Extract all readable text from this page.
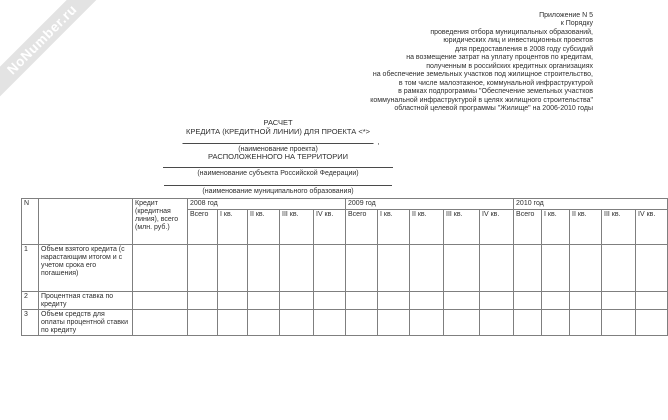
NoNumber.ru	Приложение N 5
к Порядку
проведения отбора муниципальных образований,
юридических лиц и инвестиционных проектов
для предоставления в 2008 году субсидий
на возмещение затрат на уплату процентов по кредитам,
полученным в российских кредитных организациях
на обеспечение земельных участков под жилищное строительство,
в том числе малоэтажное, коммунальной инфраструктурой
в рамках подпрограммы "Обеспечение земельных участков
коммунальной инфраструктурой в целях жилищного строительства"
областной целевой программы "Жилище" на 2006-2010 годы
РАСЧЕТ
КРЕДИТА (КРЕДИТНОЙ ЛИНИИ) ДЛЯ ПРОЕКТА <*>
,
(наименование проекта)
РАСПОЛОЖЕННОГО НА ТЕРРИТОРИИ
(наименование субъекта Российской Федерации)
(наименование муниципального образования)
N		Кредит (кредитная линия), всего (млн. руб.)	2008 год					2009 год					2010 год				
			Всего	I кв.	II кв.	III кв.	IV кв.	Всего	I кв.	II кв.	III кв.	IV кв.	Всего	I кв.	II кв.	III кв.	IV кв.
1	Объем взятого кредита (с нарастающим итогом и с учетом срока его погашения)																
2	Процентная ставка по кредиту																
3	Объем средств для оплаты процентной ставки по кредиту																
